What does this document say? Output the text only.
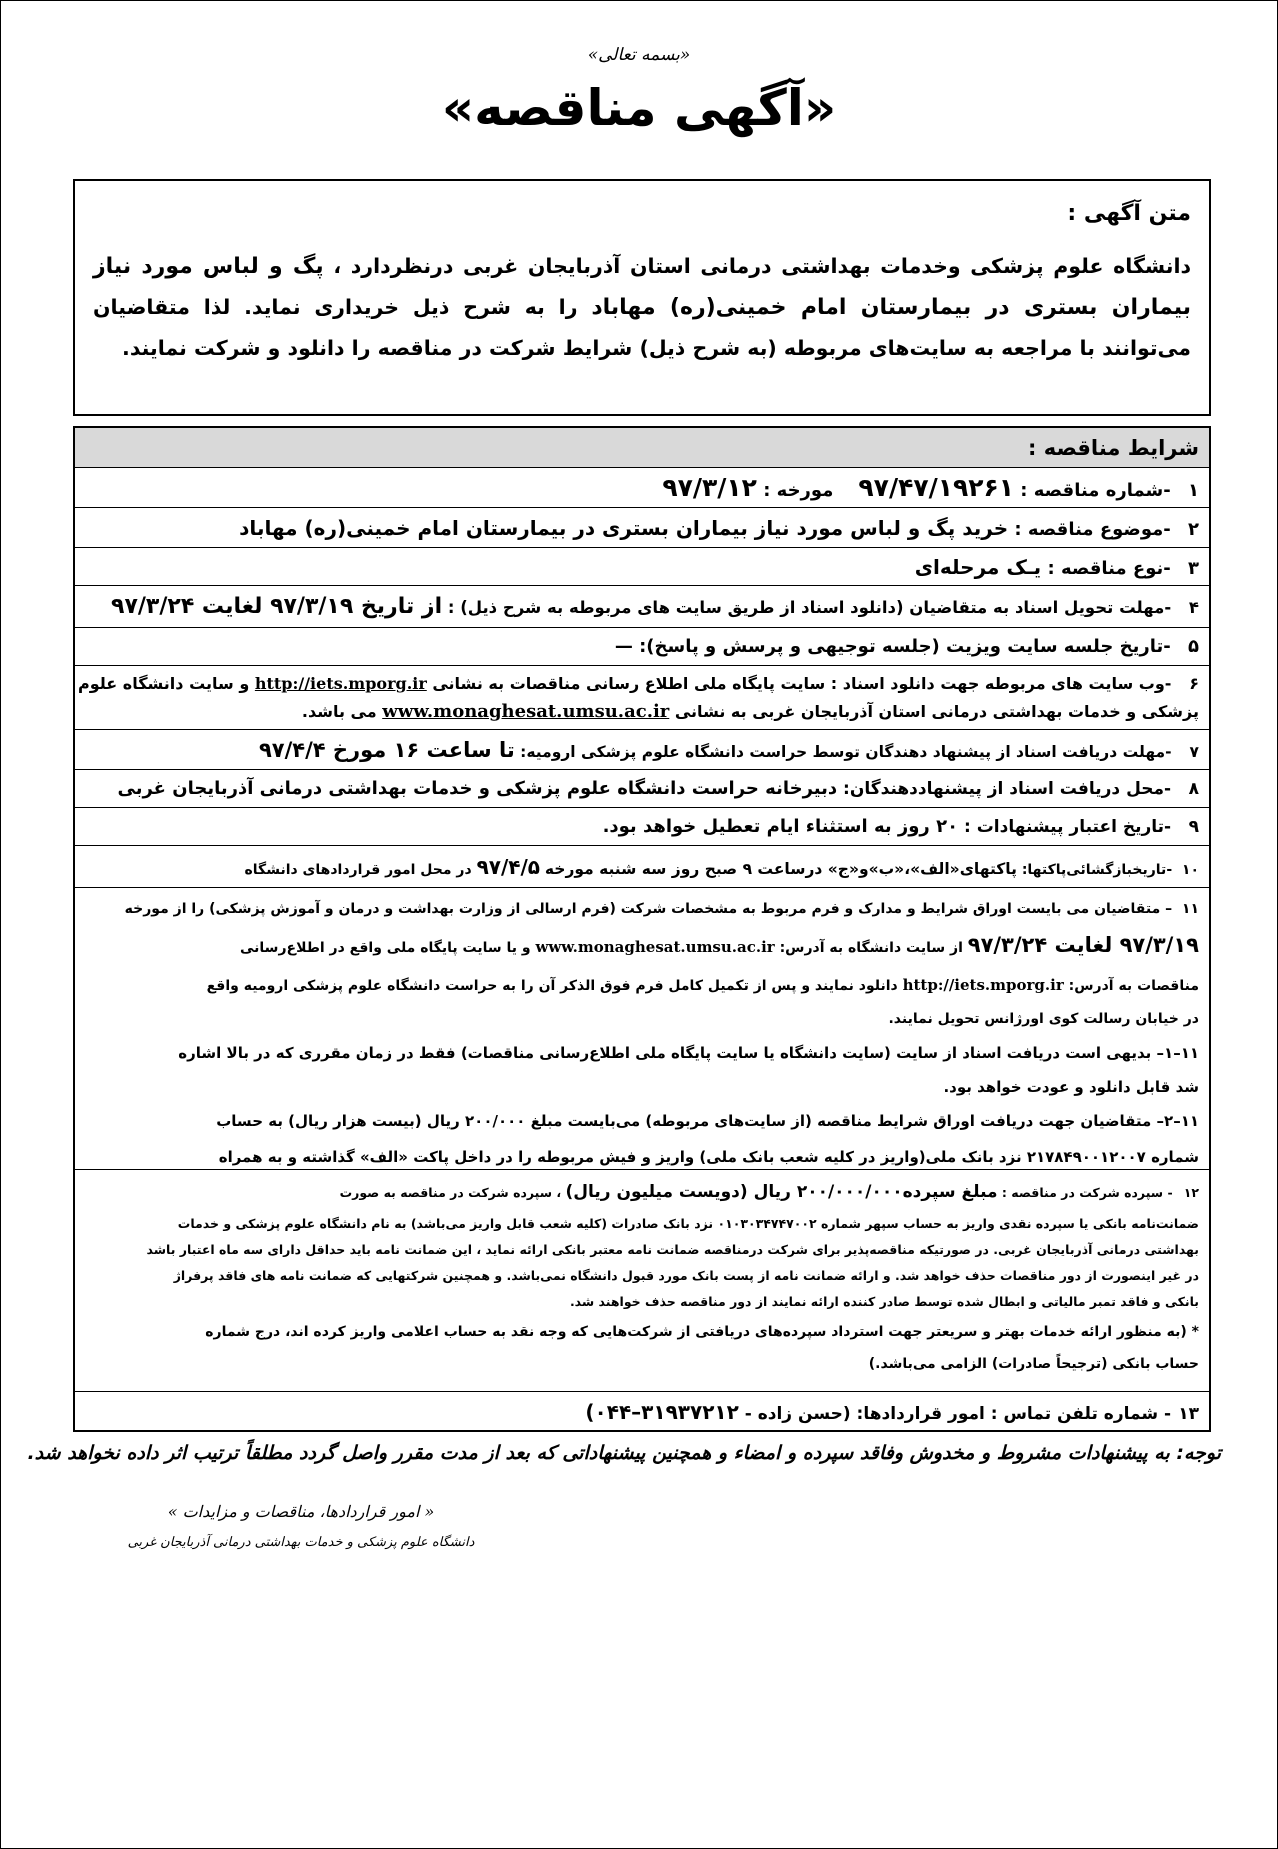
«بسمه تعالی»
«آگهی مناقصه»
متن آگهی :
دانشگاه علوم پزشکی وخدمات بهداشتی درمانی استان آذربایجان غربی درنظردارد ، پگ و لباس مورد نیاز بیماران بستری در بیمارستان امام خمینی(ره) مهاباد را به شرح ذیل خریداری نماید. لذا متقاضیان می‌توانند با مراجعه به سایت‌های مربوطه (به شرح ذیل) شرایط شرکت در مناقصه را دانلود و شرکت نمایند.
شرایط مناقصه :
۱ -شماره مناقصه : ۹۷/۴۷/۱۹۲۶۱    مورخه : ۹۷/۳/۱۲
۲ -موضوع مناقصه : خرید پگ و لباس مورد نیاز بیماران بستری در بیمارستان امام خمینی(ره) مهاباد
۳ -نوع مناقصه : یـک مرحله‌ای
۴ -مهلت تحویل اسناد به متقاضیان (دانلود اسناد از طریق سایت های مربوطه به شرح ذیل) : از تاریخ ۹۷/۳/۱۹ لغایت ۹۷/۳/۲۴
۵ -تاریخ جلسه سایت ویزیت (جلسه توجیهی و پرسش و پاسخ): —
۶ -وب سایت های مربوطه جهت دانلود اسناد : سایت پایگاه ملی اطلاع رسانی مناقصات به نشانی http://iets.mporg.ir و سایت دانشگاه علوم
پزشکی و خدمات بهداشتی درمانی استان آذربایجان غربی به نشانی www.monaghesat.umsu.ac.ir می باشد.
۷ -مهلت دریافت اسناد از پیشنهاد دهندگان توسط حراست دانشگاه علوم پزشکی ارومیه: تا ساعت ۱۶ مورخ ۹۷/۴/۴
۸ -محل دریافت اسناد از پیشنهاددهندگان: دبیرخانه حراست دانشگاه علوم پزشکی و خدمات بهداشتی درمانی آذربایجان غربی
۹ -تاریخ اعتبار پیشنهادات : ۲۰ روز به استثناء ایام تعطیل خواهد بود.
۱۰ -تاریخبازگشائی‌پاکتها: پاکتهای«الف»،«ب»و«ج» درساعت ۹ صبح روز سه شنبه مورخه ۹۷/۴/۵ در محل امور قراردادهای دانشگاه
۱۱ – متقاضیان می بایست اوراق شرایط و مدارک و فرم مربوط به مشخصات شرکت (فرم ارسالی از وزارت بهداشت و درمان و آموزش پزشکی) را از مورخه
۹۷/۳/۱۹ لغایت ۹۷/۳/۲۴ از سایت دانشگاه به آدرس: www.monaghesat.umsu.ac.ir و یا سایت پایگاه ملی واقع در اطلاع‌رسانی
مناقصات به آدرس: http://iets.mporg.ir دانلود نمایند و پس از تکمیل کامل فرم فوق الذکر آن را به حراست دانشگاه علوم پزشکی ارومیه واقع
در خیابان رسالت کوی اورژانس تحویل نمایند.
۱۱–۱– بدیهی است دریافت اسناد از سایت (سایت دانشگاه یا سایت پایگاه ملی اطلاع‌رسانی مناقصات) فقط در زمان مقرری که در بالا اشاره
شد قابل دانلود و عودت خواهد بود.
۱۱–۲– متقاضیان جهت دریافت اوراق شرایط مناقصه (از سایت‌های مربوطه) می‌بایست مبلغ ۲۰۰/۰۰۰ ریال (بیست هزار ریال) به حساب
شماره ۲۱۷۸۴۹۰۰۱۲۰۰۷ نزد بانک ملی(واریز در کلیه شعب بانک ملی) واریز و فیش مربوطه را در داخل پاکت «الف» گذاشته و به همراه
۱۲ - سپرده شرکت در مناقصه : مبلغ سپرده۲۰۰/۰۰۰/۰۰۰ ریال (دویست میلیون ریال) ، سپرده شرکت در مناقصه به صورت
ضمانت‌نامه بانکی یا سپرده نقدی واریز به حساب سپهر شماره ۰۱۰۳۰۳۴۷۴۷۰۰۲ نزد بانک صادرات (کلیه شعب قابل واریز می‌باشد) به نام دانشگاه علوم پزشکی و خدمات
بهداشتی درمانی آذربایجان غربی. در صورتیکه مناقصه‌پذیر برای شرکت درمناقصه ضمانت نامه معتبر بانکی ارائه نماید ، این ضمانت نامه باید حداقل دارای سه ماه اعتبار باشد
در غیر اینصورت از دور مناقصات حذف خواهد شد. و ارائه ضمانت نامه از پست بانک مورد قبول دانشگاه نمی‌باشد. و همچنین شرکتهایی که ضمانت نامه های فاقد پرفراژ
بانکی و فاقد تمبر مالیاتی و ابطال شده توسط صادر کننده ارائه نمایند از دور مناقصه حذف خواهند شد.
* (به منظور ارائه خدمات بهتر و سریعتر جهت استرداد سپرده‌های دریافتی از شرکت‌هایی که وجه نقد به حساب اعلامی واریز کرده اند، درج شماره
حساب بانکی (ترجیحاً صادرات) الزامی می‌باشد.)
۱۳ - شماره تلفن تماس : امور قراردادها: (حسن زاده - ۳۱۹۳۷۲۱۲–۰۴۴)
توجه: به پیشنهادات مشروط و مخدوش وفاقد سپرده و امضاء و همچنین پیشنهاداتی که بعد از مدت مقرر واصل گردد مطلقاً ترتیب اثر داده نخواهد شد.
« امور قراردادها، مناقصات و مزایدات »
دانشگاه علوم پزشکی و خدمات بهداشتی درمانی آذربایجان غربی
